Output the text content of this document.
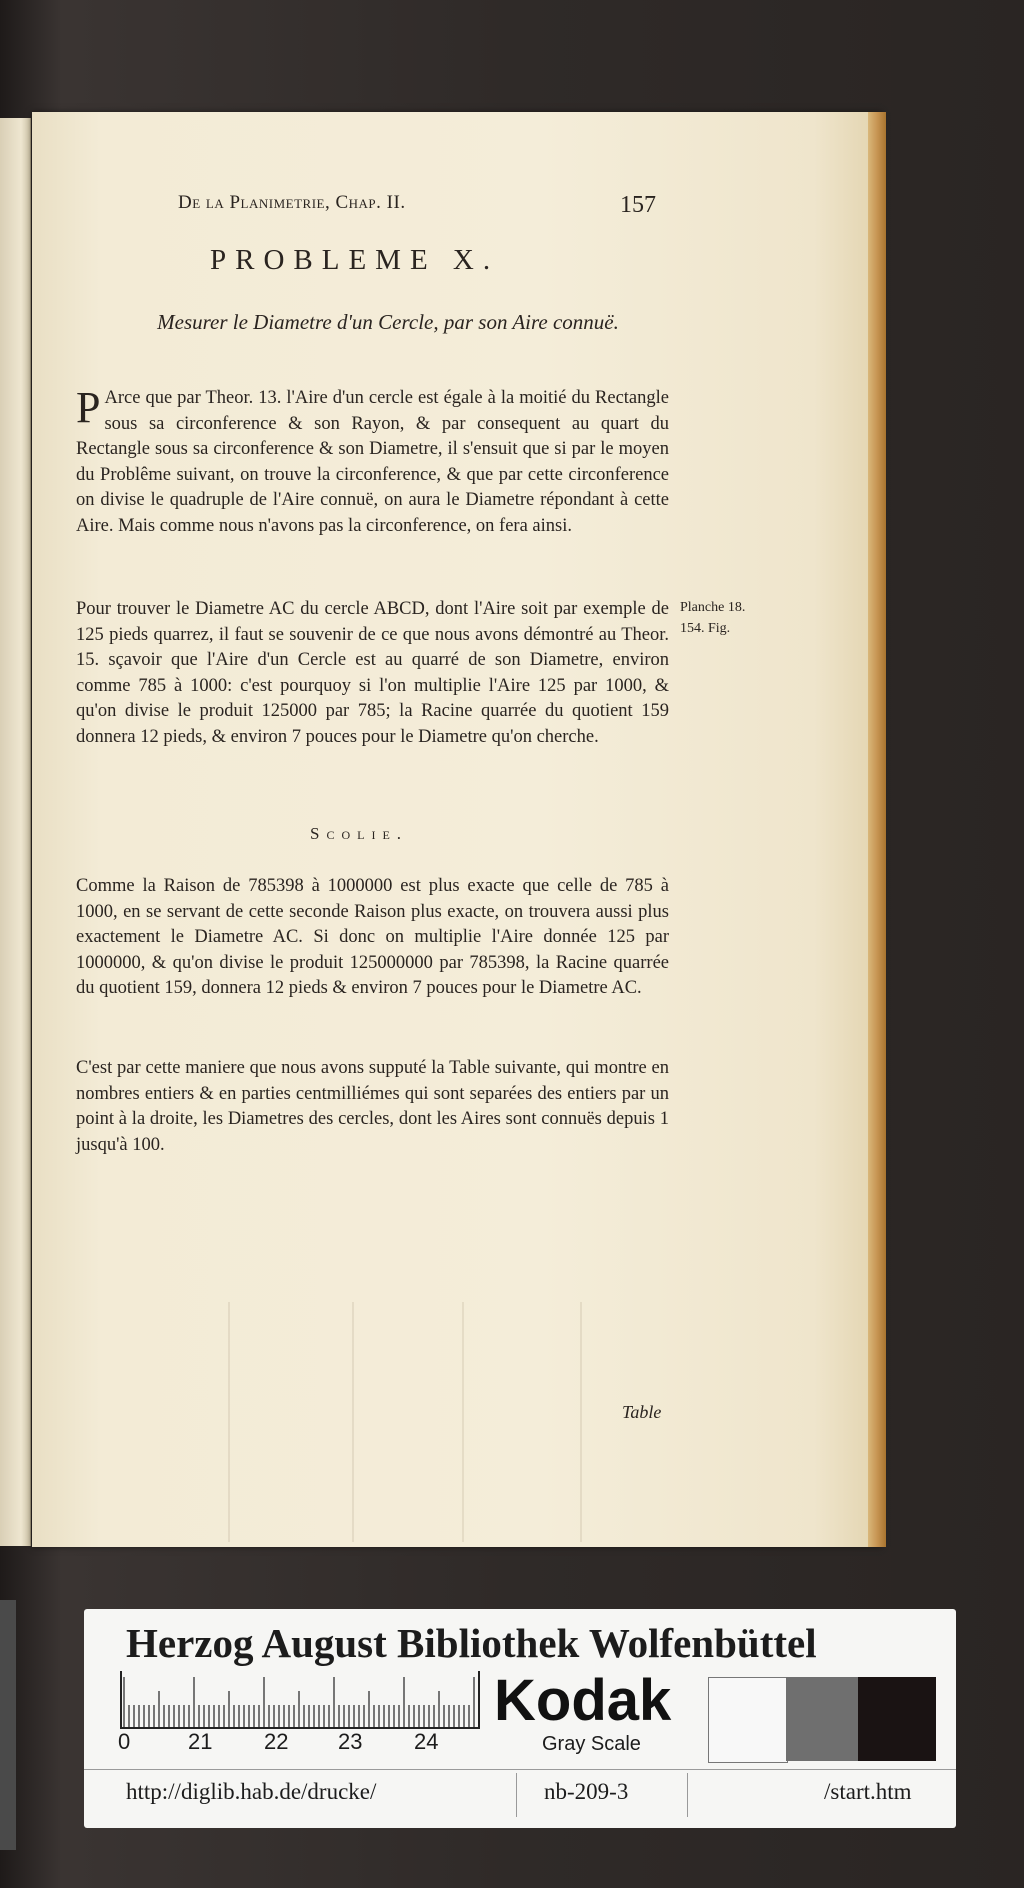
De la Planimetrie, Chap. II.	157
PROBLEME X.
Mesurer le Diametre d'un Cercle, par son Aire connuë.
P Arce que par Theor. 13. l'Aire d'un cercle est égale à la moitié du Rectangle sous sa circonference & son Rayon, & par consequent au quart du Rectangle sous sa circonference & son Diametre, il s'ensuit que si par le moyen du Problême suivant, on trouve la circonference, & que par cette circonference on divise le quadruple de l'Aire connuë, on aura le Diametre répondant à cette Aire. Mais comme nous n'avons pas la circonference, on fera ainsi.
Pour trouver le Diametre AC du cercle ABCD, dont l'Aire soit par exemple de 125 pieds quarrez, il faut se souvenir de ce que nous avons démontré au Theor. 15. sçavoir que l'Aire d'un Cercle est au quarré de son Diametre, environ comme 785 à 1000: c'est pourquoy si l'on multiplie l'Aire 125 par 1000, & qu'on divise le produit 125000 par 785; la Racine quarrée du quotient 159 donnera 12 pieds, & environ 7 pouces pour le Diametre qu'on cherche.
Planche 18. 154. Fig.
Scolie.
Comme la Raison de 785398 à 1000000 est plus exacte que celle de 785 à 1000, en se servant de cette seconde Raison plus exacte, on trouvera aussi plus exactement le Diametre AC. Si donc on multiplie l'Aire donnée 125 par 1000000, & qu'on divise le produit 125000000 par 785398, la Racine quarrée du quotient 159, donnera 12 pieds & environ 7 pouces pour le Diametre AC.
C'est par cette maniere que nous avons supputé la Table suivante, qui montre en nombres entiers & en parties centmilliémes qui sont separées des entiers par un point à la droite, les Diametres des cercles, dont les Aires sont connuës depuis 1 jusqu'à 100.
Table
Herzog August Bibliothek Wolfenbüttel
0	21 22 23 24
Kodak
Gray Scale
http://diglib.hab.de/drucke/	nb-209-3	/start.htm
